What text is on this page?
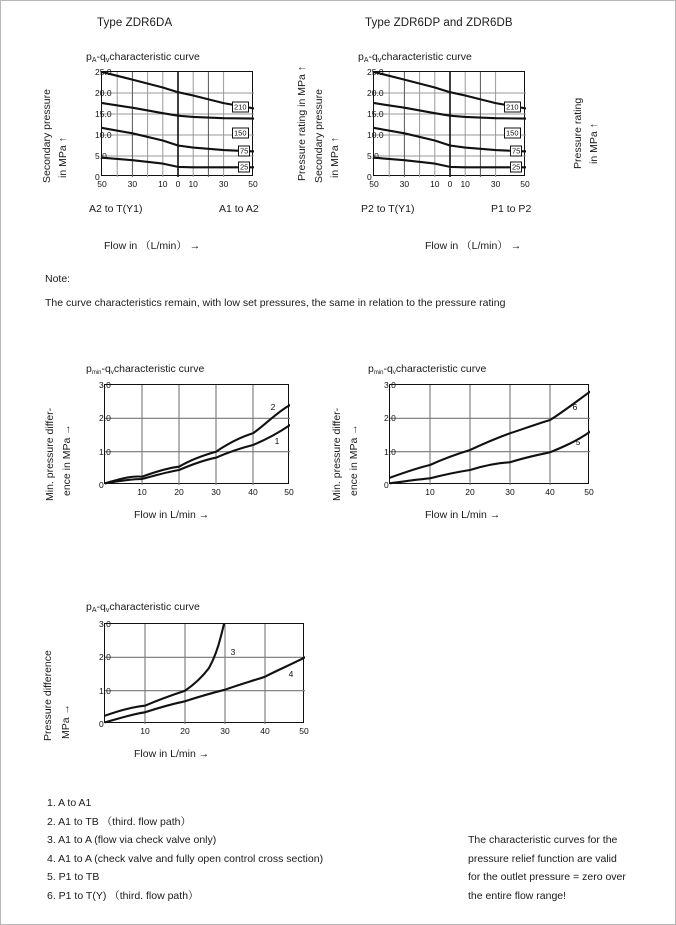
Type ZDR6DA
$p_A-q_vcharacteristic$ curve
Secondary pressure in MPa ↑	0
5.0
10.0
15.0
20.0
25.0
50 30 10 0 10 30 50
210
150
75
25	Pressure rating in MPa ↑
A2 to T(Y1)	A1 to A2
Flow in （L/min） →
Type ZDR6DP and ZDR6DB
$p_A-q_vcharacteristic$ curve
Secondary pressure in MPa ↑	0
5.0
10.0
15.0
20.0
25.0
50 30 10 0 10 30 50
210
150
75
25	Pressure rating in MPa ↑
P2 to T(Y1)	P1 to P2
Flow in （L/min） →
Note:
The curve characteristics remain, with low set pressures, the same in relation to the pressure rating
$p_{min}-q_vcharacteristic$ curve
Min. pressure differ- ence in MPa →	0
1.0
2.0
3.0
10	20	30	40	50
2
1
Flow in L/min →
$p_{min}-q_vcharacteristic$ curve
Min. pressure differ- ence in MPa →	0
1.0
2.0
3.0
10	20	30	40	50
6
5
Flow in L/min →
$p_A-q_vcharacteristic$ curve
Pressure difference MPa →	0
1.0
2.0
3.0
10	20	30	40	50
3
4
Flow in L/min →
1. A to A1
2. A1 to TB （third. flow path）
3. A1 to A (flow via check valve only)
4. A1 to A (check valve and fully open control cross section)
5. P1 to TB
6. P1 to T(Y) （third. flow path）
The characteristic curves for the
pressure relief function are valid
for the outlet pressure = zero over
the entire flow range!
